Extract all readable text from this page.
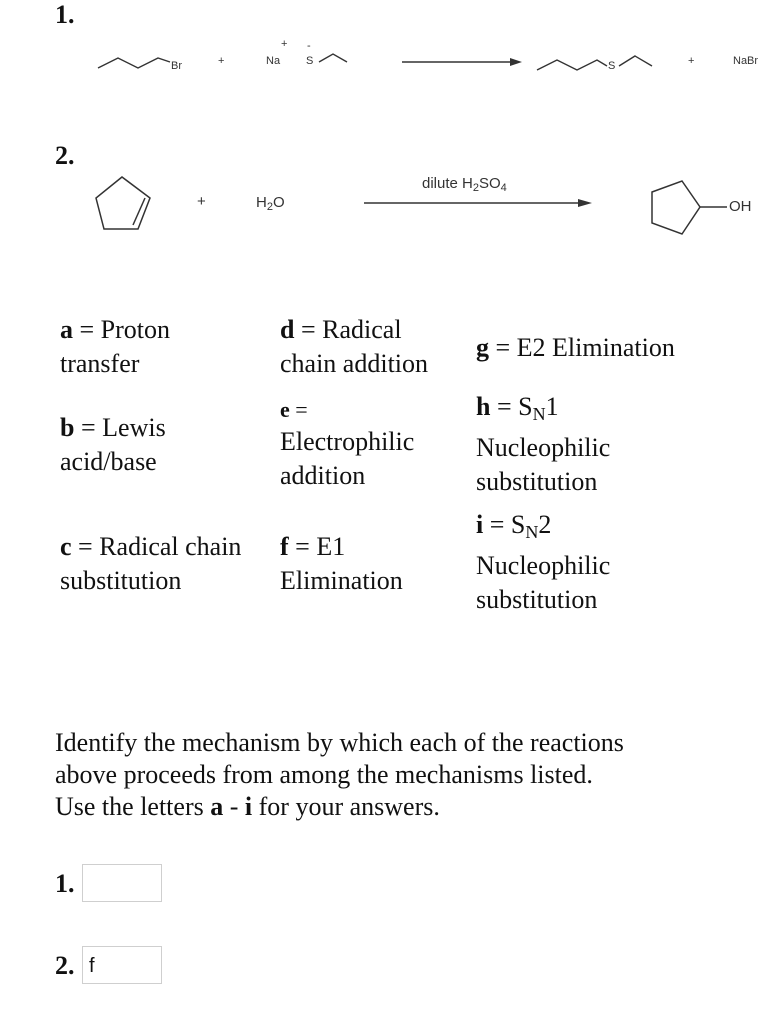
1.
Br	+
+
Na
-
S	S	+	NaBr
2.
+	$H_2O$
dilute $H_2SO_4$
OH
a = Proton
transfer
b = Lewis
acid/base
c = Radical chain
substitution
d = Radical
chain addition
e =
Electrophilic
addition
f = E1
Elimination
g = E2 Elimination
$h = S_N1$
Nucleophilic
substitution
$i = S_N2$
Nucleophilic
substitution
Identify the mechanism by which each of the reactions
above proceeds from among the mechanisms listed.
Use the letters a - i for your answers.
1.
2. f
